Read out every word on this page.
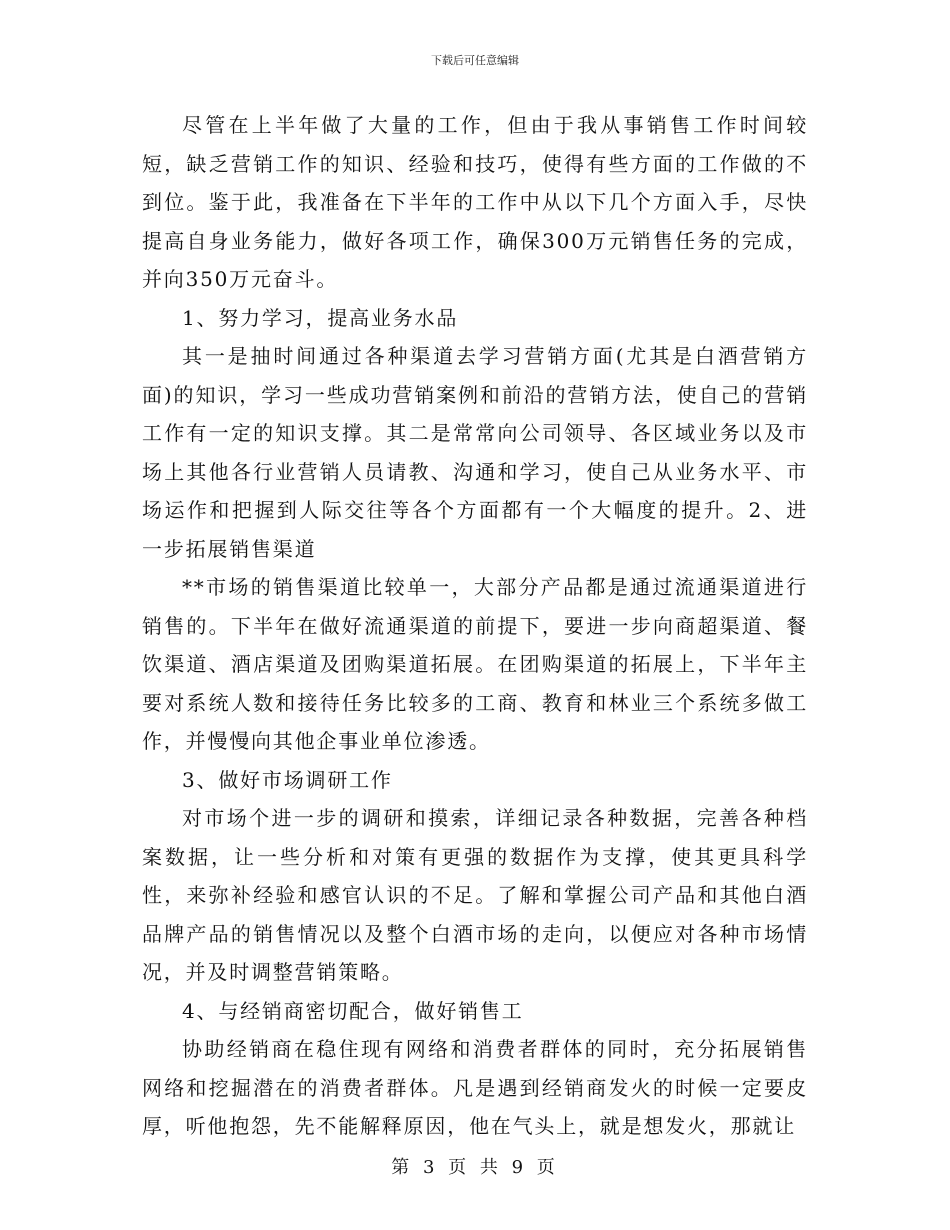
下载后可任意编辑

尽管在上半年做了大量的工作，但由于我从事销售工作时间较短，缺乏营销工作的知识、经验和技巧，使得有些方面的工作做的不到位。鉴于此，我准备在下半年的工作中从以下几个方面入手，尽快提高自身业务能力，做好各项工作，确保300万元销售任务的完成，并向350万元奋斗。

1、努力学习，提高业务水品

其一是抽时间通过各种渠道去学习营销方面(尤其是白酒营销方面)的知识，学习一些成功营销案例和前沿的营销方法，使自己的营销工作有一定的知识支撑。其二是常常向公司领导、各区域业务以及市场上其他各行业营销人员请教、沟通和学习，使自己从业务水平、市场运作和把握到人际交往等各个方面都有一个大幅度的提升。2、进一步拓展销售渠道

**市场的销售渠道比较单一，大部分产品都是通过流通渠道进行销售的。下半年在做好流通渠道的前提下，要进一步向商超渠道、餐饮渠道、酒店渠道及团购渠道拓展。在团购渠道的拓展上，下半年主要对系统人数和接待任务比较多的工商、教育和林业三个系统多做工作，并慢慢向其他企事业单位渗透。

3、做好市场调研工作

对市场个进一步的调研和摸索，详细记录各种数据，完善各种档案数据，让一些分析和对策有更强的数据作为支撑，使其更具科学性，来弥补经验和感官认识的不足。了解和掌握公司产品和其他白酒品牌产品的销售情况以及整个白酒市场的走向，以便应对各种市场情况，并及时调整营销策略。

4、与经销商密切配合，做好销售工

协助经销商在稳住现有网络和消费者群体的同时，充分拓展销售网络和挖掘潜在的消费者群体。凡是遇到经销商发火的时候一定要皮厚，听他抱怨，先不能解释原因，他在气头上，就是想发火，那就让

第 3 页 共 9 页
